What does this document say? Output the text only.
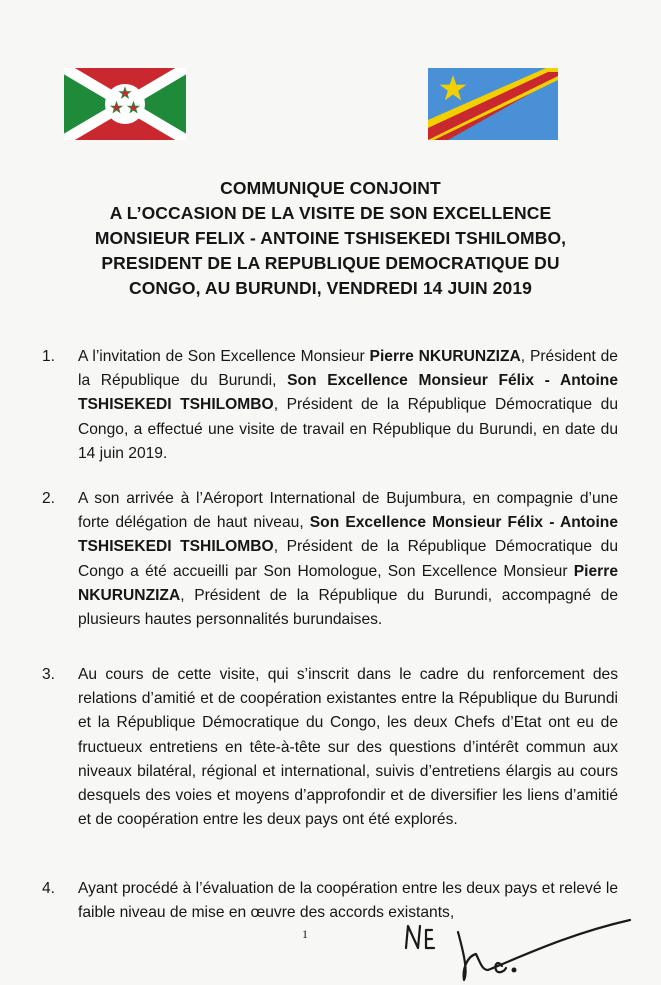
COMMUNIQUE CONJOINT
A L’OCCASION DE LA VISITE DE SON EXCELLENCE
MONSIEUR FELIX - ANTOINE TSHISEKEDI TSHILOMBO,
PRESIDENT DE LA REPUBLIQUE DEMOCRATIQUE DU
CONGO, AU BURUNDI, VENDREDI 14 JUIN 2019
1. A l’invitation de Son Excellence Monsieur Pierre NKURUNZIZA, Président de la République du Burundi, Son Excellence Monsieur Félix - Antoine TSHISEKEDI TSHILOMBO, Président de la République Démocratique du Congo, a effectué une visite de travail en République du Burundi, en date du 14 juin 2019.
2. A son arrivée à l’Aéroport International de Bujumbura, en compagnie d’une forte délégation de haut niveau, Son Excellence Monsieur Félix - Antoine TSHISEKEDI TSHILOMBO, Président de la République Démocratique du Congo a été accueilli par Son Homologue, Son Excellence Monsieur Pierre NKURUNZIZA, Président de la République du Burundi, accompagné de plusieurs hautes personnalités burundaises.
3. Au cours de cette visite, qui s’inscrit dans le cadre du renforcement des relations d’amitié et de coopération existantes entre la République du Burundi et la République Démocratique du Congo, les deux Chefs d’Etat ont eu de fructueux entretiens en tête-à-tête sur des questions d’intérêt commun aux niveaux bilatéral, régional et international, suivis d’entretiens élargis au cours desquels des voies et moyens d’approfondir et de diversifier les liens d’amitié et de coopération entre les deux pays ont été explorés.
4. Ayant procédé à l’évaluation de la coopération entre les deux pays et relevé le faible niveau de mise en œuvre des accords existants,
1
